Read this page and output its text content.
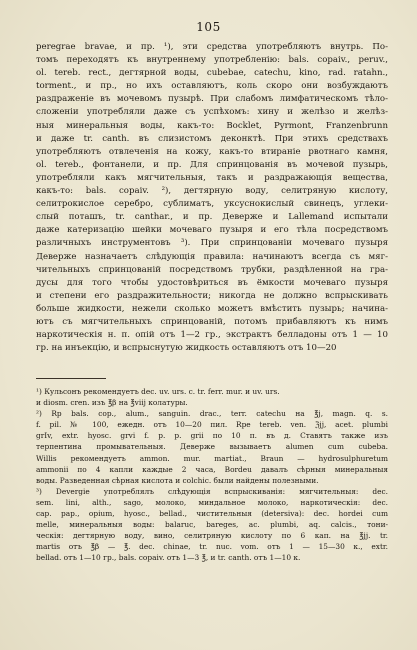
105
peregrae bravae, и пр. ¹), эти средства употребляютъ внутрь. По-
томъ переходятъ къ внутреннему употребленію: bals. copaiv., peruv.,
ol. tereb. rect., дегтярной воды, cubebae, catechu, kino, rad. ratahn.,
torment., и пр., но ихъ оставляютъ, коль скоро они возбуждаютъ
раздраженіе въ мочевомъ пузырѣ. При слабомъ лимфатическомъ тѣло-
сложеніи употребляли даже съ успѣхомъ: хину и желѣзо и желѣз-
ныя минеральныя воды, какъ-то: Bocklet, Pyrmont, Franzenbrunn
и даже tr. canth. въ слизистомъ деконктѣ. При этихъ средствахъ
употребляютъ отвлеченія на кожу, какъ-то втираніе рвотнаго камня,
ol. tereb., фонтанели, и пр. Для спринцованія въ мочевой пузырь,
употребляли какъ мягчительныя, такъ и раздражающія вещества,
какъ-то: bals. copaiv. ²), дегтярную воду, селитряную кислоту,
селитрокислое серебро, сублиматъ, уксуснокислый свинецъ, углеки-
слый поташъ, tr. canthar., и пр. Деверже и Lallemand испытали
даже катеризацію шейки мочеваго пузыря и его тѣла посредствомъ
различныхъ инструментовъ ³). При спринцованіи мочеваго пузыря
Деверже назначаетъ слѣдующія правила: начинаютъ всегда съ мяг-
чительныхъ спринцованій посредствомъ трубки, раздѣленной на гра-
дусы для того чтобы удостовѣриться въ ёмкости мочеваго пузыря
и степени его раздражительности; никогда не должно вспрыскивать
больше жидкости, нежели сколько можетъ вмѣстить пузырь; начина-
ютъ съ мягчительныхъ спринцованій, потомъ прибавляютъ къ нимъ
наркотическія н. п. опій отъ 1—2 гр., экстрактъ белладоны отъ 1 — 10
гр. на инъекцію, и вспрыснутую жидкость оставляютъ отъ 10—20
¹) Кульсонъ рекомендуетъ dec. uv. urs. c. tr. ferr. mur. и uv. urs.
и diosm. cren. изъ ℥β на ℥viij колатуры.
²) Rp bals. cop., alum., sanguin. drac., terr. catechu на ℥j, magn. q. s.
f. pil. № 100, ежедн. отъ 10—20 пил. Rpe tereb. ven. ℨjj, acet. plumbi
grIv, extr. hyosc. grvi f. p. p. grii по 10 п. въ д. Ставятъ также изъ
терпентина промывательныя. Деверже вызываетъ alumen cum cubeba.
Willis рекомендуетъ ammon. mur. martiat., Braun — hydrosulphuretum
ammonii по 4 капли каждые 2 часа, Bordeu давалъ сѣрныя минеральныя
воды. Разведенная сѣрная кислота и colchic. были найдены полезными.
³) Devergie употреблялъ слѣдующія вспрыскиванія: мягчительныя: dec.
sem. lini, alth., sago, молоко, миндальное молоко, наркотическія: dec.
cap. pap., opium, hyosc., bellad., чистительныя (detersiva): dec. hordei cum
melle, минеральныя воды: balaruc, bareges, ac. plumbi, aq. calcis., тони-
ческія: дегтярную воду, вино, селитряную кислоту по 6 кап. на ℥jj. tr.
martis отъ ℥β — ℥. dec. chinae, tr. nuc. vom. отъ 1 — 15—30 к., extr.
bellad. отъ 1—10 гр., bals. copaiv. отъ 1—3 ℥, и tr. canth. отъ 1—10 к.
